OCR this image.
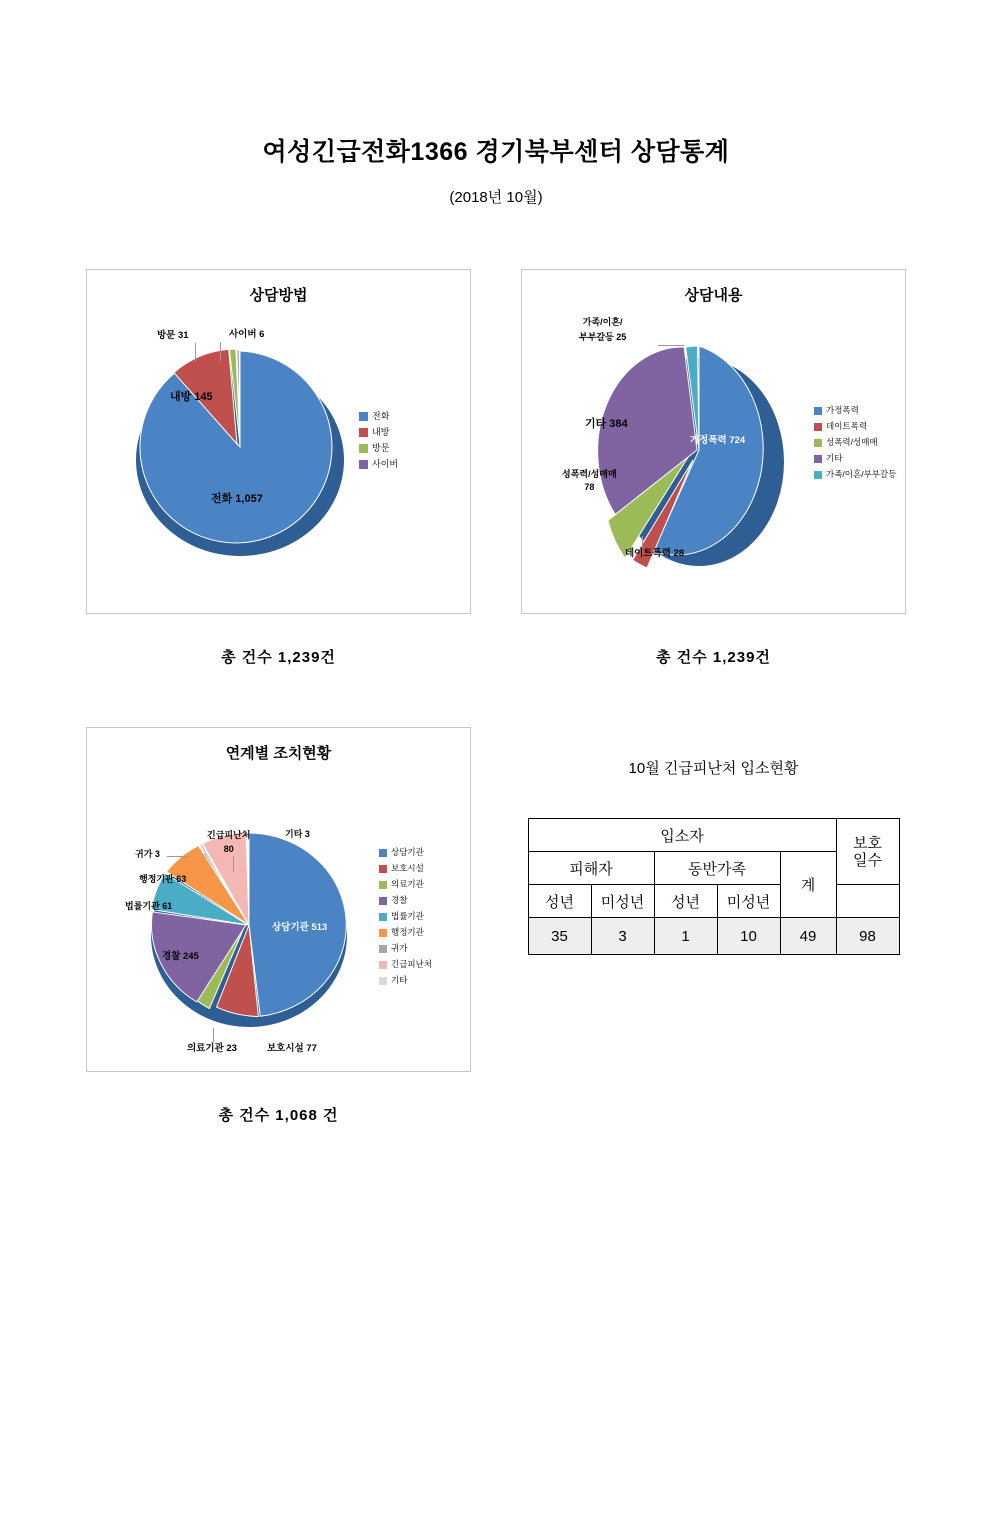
여성긴급전화1366 경기북부센터 상담통계
(2018년 10월)
상담방법
전화 1,057
내방 145
방문 31	사이버 6
전화
내방
방문
사이버
총 건수 1,239건
상담내용
가정폭력 724
데이트폭력 28
성폭력/성매매
78
기타 384
가족/이혼/
부부갈등 25
가정폭력
데이트폭력
성폭력/성매매
기타
가족/이혼/부부갈등
총 건수 1,239건
연계별 조치현황
상담기관 513
보호시설 77
의료기관 23
경찰 245
법률기관 61
행정기관 63
귀가 3
긴급피난처
80
기타 3
상담기관
보호시설
의료기관
경찰
법률기관
행정기관
귀가
긴급피난처
기타
총 건수 1,068 건
10월 긴급피난처 입소현황
입소자					보호
일수
피해자		동반가족		계	
성년	미성년	성년	미성년		
35	3	1	10	49	98
